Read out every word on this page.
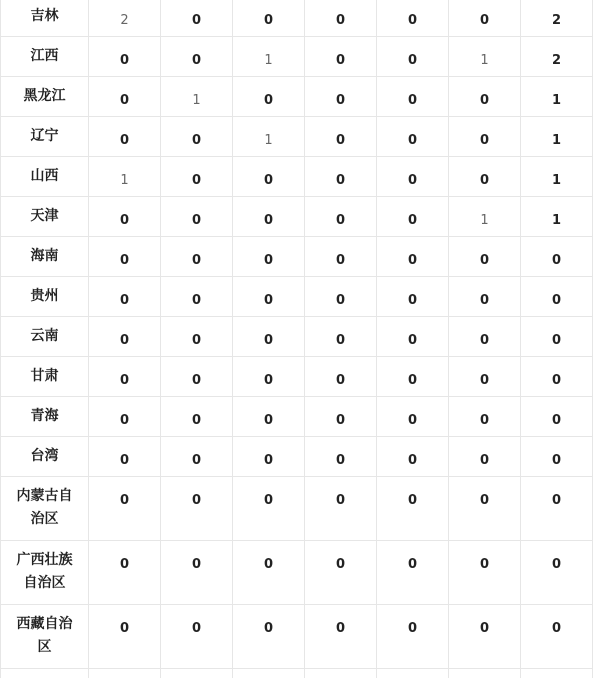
吉林	2	0	0	0	0	0	2
江西	0	0	1	0	0	1	2
黑龙江	0	1	0	0	0	0	1
辽宁	0	0	1	0	0	0	1
山西	1	0	0	0	0	0	1
天津	0	0	0	0	0	1	1
海南	0	0	0	0	0	0	0
贵州	0	0	0	0	0	0	0
云南	0	0	0	0	0	0	0
甘肃	0	0	0	0	0	0	0
青海	0	0	0	0	0	0	0
台湾	0	0	0	0	0	0	0
内蒙古自治区	0	0	0	0	0	0	0
广西壮族自治区	0	0	0	0	0	0	0
西藏自治区	0	0	0	0	0	0	0
